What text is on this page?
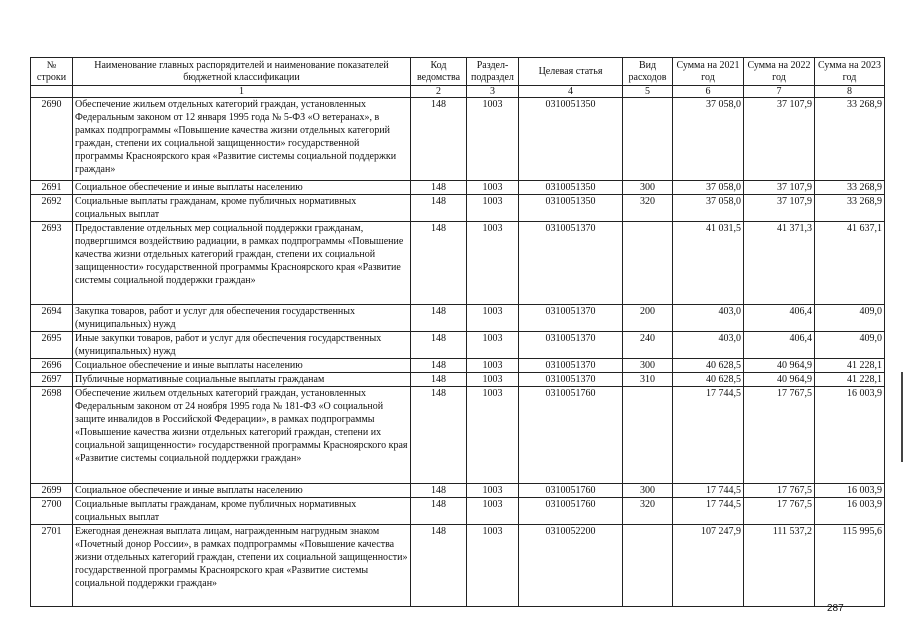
№ строки	Наименование главных распорядителей и наименование показателей бюджетной классификации	Код ведомства	Раздел-подраздел	Целевая статья	Вид расходов	Сумма на 2021 год	Сумма на 2022 год	Сумма на 2023 год
	1	2	3	4	5	6	7	8
2690	Обеспечение жильем отдельных категорий граждан, установленных Федеральным законом от 12 января 1995 года № 5-ФЗ «О ветеранах», в рамках подпрограммы «Повышение качества жизни отдельных категорий граждан, степени их социальной защищенности» государственной программы Красноярского края «Развитие системы социальной поддержки граждан»	148	1003	0310051350		37 058,0	37 107,9	33 268,9
2691	Социальное обеспечение и иные выплаты населению	148	1003	0310051350	300	37 058,0	37 107,9	33 268,9
2692	Социальные выплаты гражданам, кроме публичных нормативных социальных выплат	148	1003	0310051350	320	37 058,0	37 107,9	33 268,9
2693	Предоставление отдельных мер социальной поддержки гражданам, подвергшимся воздействию радиации, в рамках подпрограммы «Повышение качества жизни отдельных категорий граждан, степени их социальной защищенности» государственной программы Красноярского края «Развитие системы социальной поддержки граждан»	148	1003	0310051370		41 031,5	41 371,3	41 637,1
2694	Закупка товаров, работ и услуг для обеспечения государственных (муниципальных) нужд	148	1003	0310051370	200	403,0	406,4	409,0
2695	Иные закупки товаров, работ и услуг для обеспечения государственных (муниципальных) нужд	148	1003	0310051370	240	403,0	406,4	409,0
2696	Социальное обеспечение и иные выплаты населению	148	1003	0310051370	300	40 628,5	40 964,9	41 228,1
2697	Публичные нормативные социальные выплаты гражданам	148	1003	0310051370	310	40 628,5	40 964,9	41 228,1
2698	Обеспечение жильем отдельных категорий граждан, установленных Федеральным законом от 24 ноября 1995 года № 181-ФЗ «О социальной защите инвалидов в Российской Федерации», в рамках подпрограммы «Повышение качества жизни отдельных категорий граждан, степени их социальной защищенности» государственной программы Красноярского края «Развитие системы социальной поддержки граждан»	148	1003	0310051760		17 744,5	17 767,5	16 003,9
2699	Социальное обеспечение и иные выплаты населению	148	1003	0310051760	300	17 744,5	17 767,5	16 003,9
2700	Социальные выплаты гражданам, кроме публичных нормативных социальных выплат	148	1003	0310051760	320	17 744,5	17 767,5	16 003,9
2701	Ежегодная денежная выплата лицам, награжденным нагрудным знаком «Почетный донор России», в рамках подпрограммы «Повышение качества жизни отдельных категорий граждан, степени их социальной защищенности» государственной программы Красноярского края «Развитие системы социальной поддержки граждан»	148	1003	0310052200		107 247,9	111 537,2	115 995,6
287
